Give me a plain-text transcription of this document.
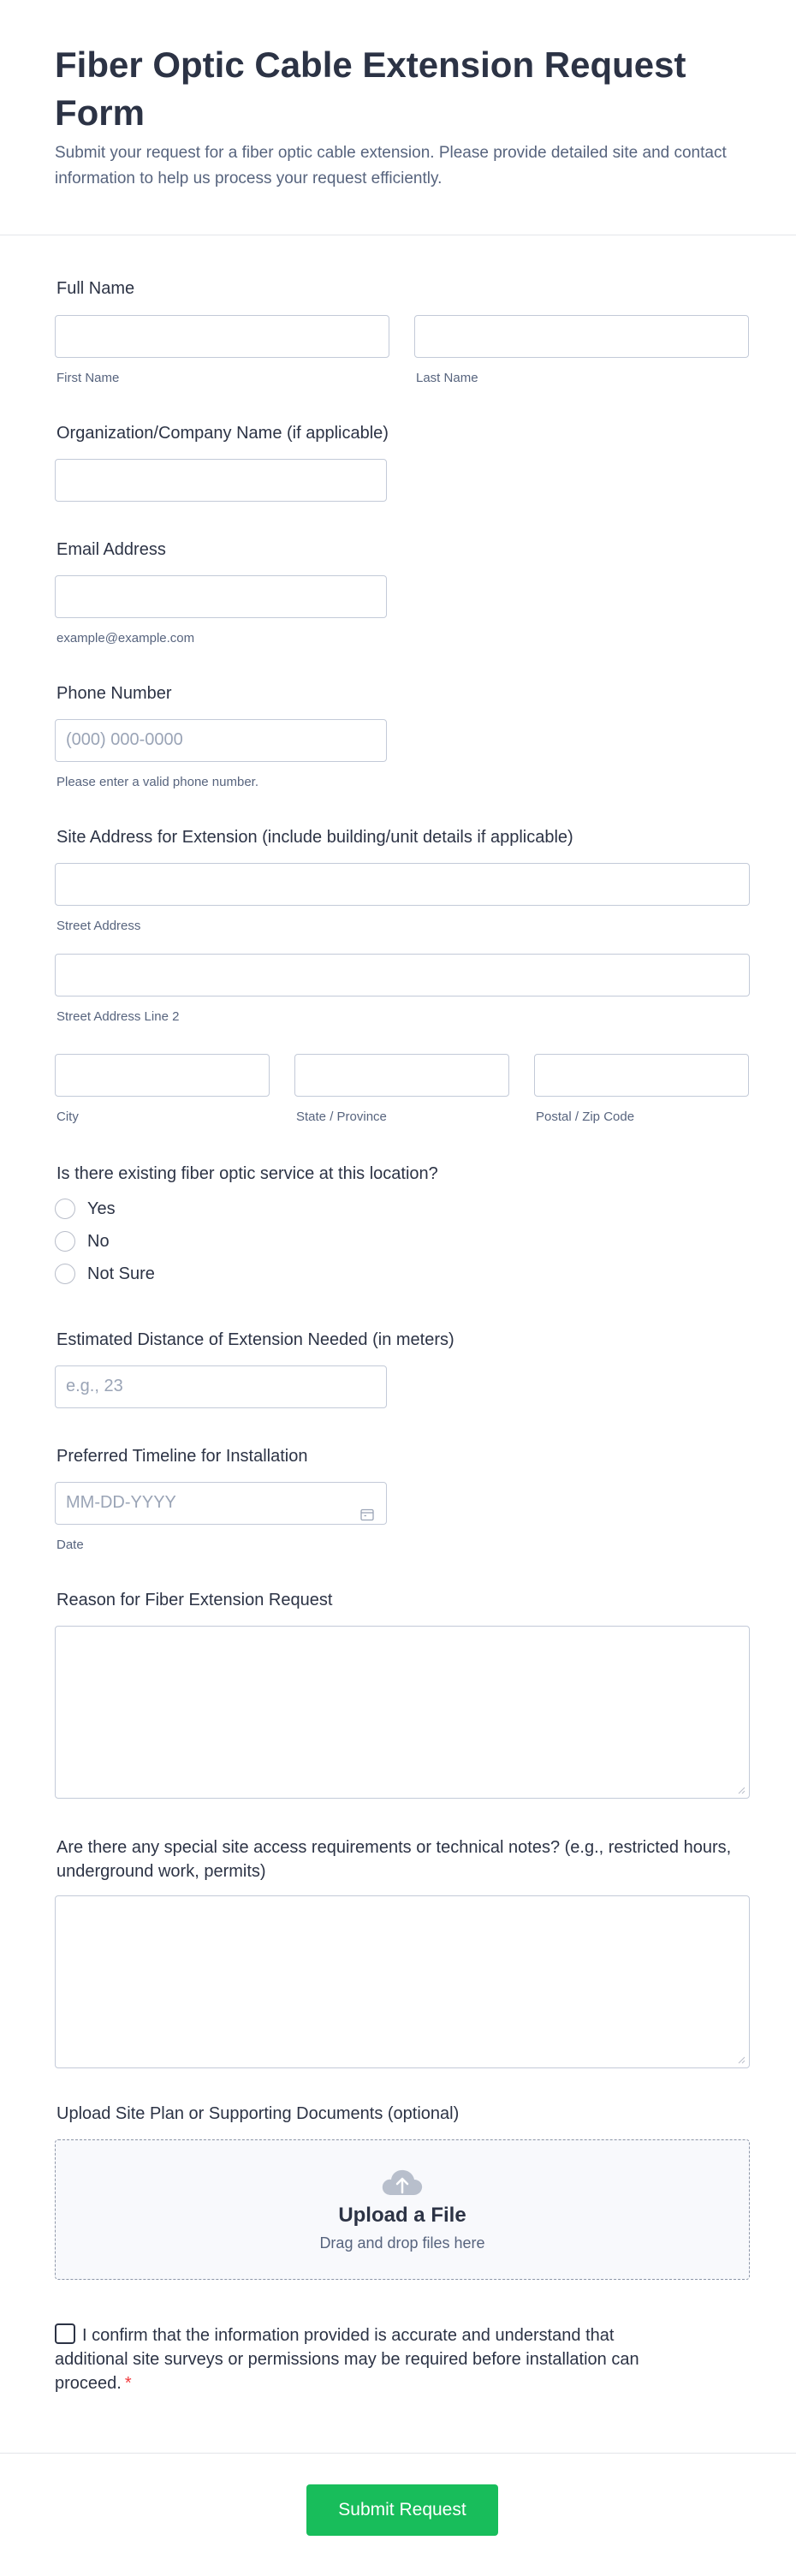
Fiber Optic Cable Extension Request Form

Submit your request for a fiber optic cable extension. Please provide detailed site and contact information to help us process your request efficiently.

Full Name
First Name	Last Name
Organization/Company Name (if applicable)
Email Address
example@example.com
Phone Number
(000) 000-0000
Please enter a valid phone number.
Site Address for Extension (include building/unit details if applicable)
Street Address
Street Address Line 2
City	State / Province	Postal / Zip Code
Is there existing fiber optic service at this location?
Yes
No
Not Sure
Estimated Distance of Extension Needed (in meters)
e.g., 23
Preferred Timeline for Installation
MM-DD-YYYY
Date
Reason for Fiber Extension Request
Are there any special site access requirements or technical notes? (e.g., restricted hours, underground work, permits)
Upload Site Plan or Supporting Documents (optional)
Upload a File
Drag and drop files here

I confirm that the information provided is accurate and understand that additional site surveys or permissions may be required before installation can proceed. *

Submit Request
